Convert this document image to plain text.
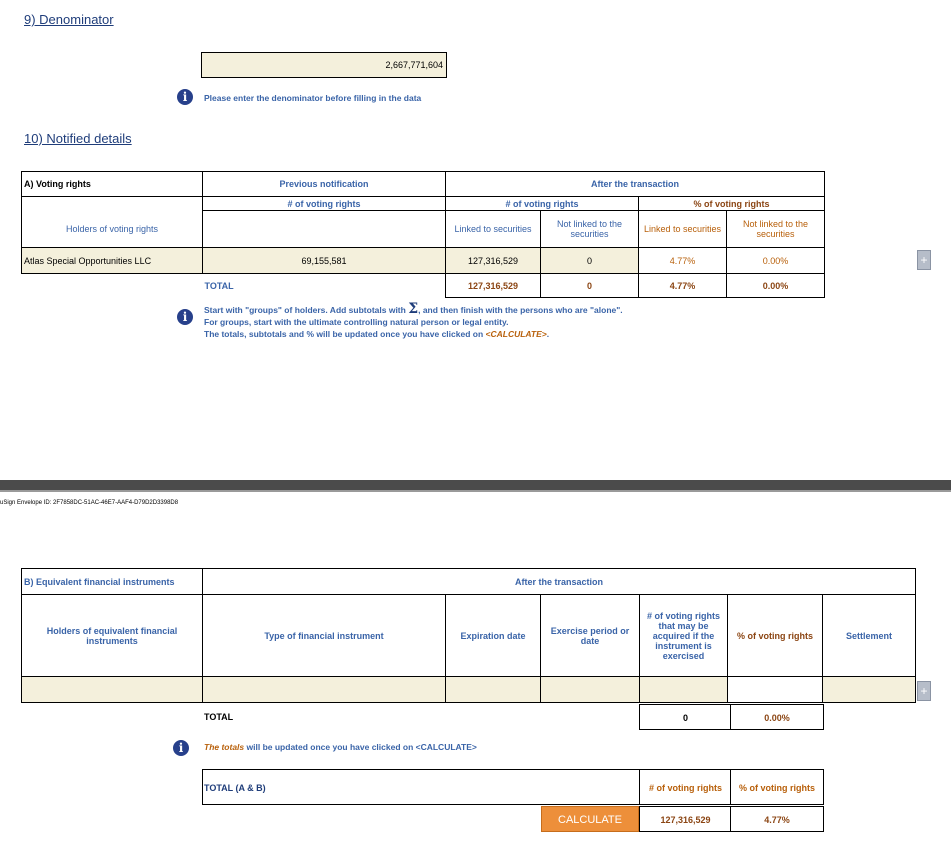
9) Denominator
2,667,771,604
i	Please enter the denominator before filling in the data
10) Notified details
A) Voting rights	Previous notification	After the transaction			
	# of voting rights	# of voting rights		% of voting rights	
Holders of voting rights		Linked to securities	Not linked to the securities	Linked to securities	Not linked to the securities
Atlas Special Opportunities LLC	69,155,581	127,316,529	0	4.77%	0.00%
	TOTAL	127,316,529	0	4.77%	0.00%
+
i	Start with "groups" of holders. Add subtotals with Σ, and then finish with the persons who are "alone".
For groups, start with the ultimate controlling natural person or legal entity.
The totals, subtotals and % will be updated once you have clicked on <CALCULATE>.
uSign Envelope ID: 2F7858DC-51AC-46E7-AAF4-D79D2D3398D8
B) Equivalent financial instruments	After the transaction					
Holders of equivalent financial instruments	Type of financial instrument	Expiration date	Exercise period or date	# of voting rights that may be acquired if the instrument is exercised	% of voting rights	Settlement

+
TOTAL	0	0.00%
i	The totals will be updated once you have clicked on <CALCULATE>
TOTAL (A & B)	# of voting rights	% of voting rights
CALCULATE	127,316,529	4.77%
